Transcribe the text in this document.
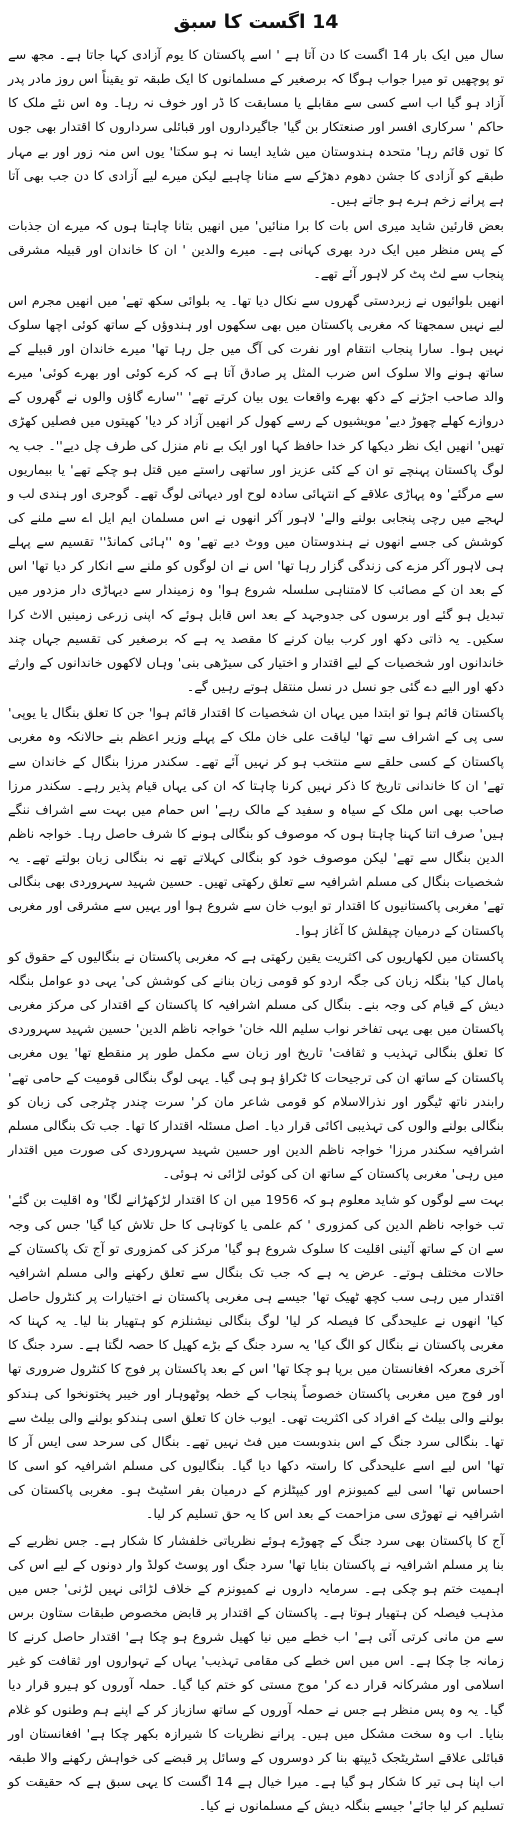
14 اگست کا سبق

سال میں ایک بار 14 اگست کا دن آتا ہے ' اسے پاکستان کا یوم آزادی کہا جاتا ہے۔ مجھ سے تو پوچھیں تو میرا جواب ہوگا کہ برصغیر کے مسلمانوں کا ایک طبقہ تو یقیناً اس روز مادر پدر آزاد ہو گیا اب اسے کسی سے مقابلے یا مسابقت کا ڈر اور خوف نہ رہا۔ وہ اس نئے ملک کا حاکم ' سرکاری افسر اور صنعتکار بن گیا' جاگیرداروں اور قبائلی سرداروں کا اقتدار بھی جوں کا توں قائم رہا' متحدہ ہندوستان میں شاید ایسا نہ ہو سکتا' یوں اس منہ زور اور بے مہار طبقے کو آزادی کا جشن دھوم دھڑکے سے منانا چاہیے لیکن میرے لیے آزادی کا دن جب بھی آتا ہے پرانے زخم ہرے ہو جاتے ہیں۔

بعض قارئین شاید میری اس بات کا برا منائیں' میں انھیں بتانا چاہتا ہوں کہ میرے ان جذبات کے پس منظر میں ایک درد بھری کہانی ہے۔ میرے والدین ' ان کا خاندان اور قبیلہ مشرقی پنجاب سے لٹ پٹ کر لاہور آئے تھے۔

انھیں بلوائیوں نے زبردستی گھروں سے نکال دیا تھا۔ یہ بلوائی سکھ تھے' میں انھیں مجرم اس لیے نہیں سمجھتا کہ مغربی پاکستان میں بھی سکھوں اور ہندوؤں کے ساتھ کوئی اچھا سلوک نہیں ہوا۔ سارا پنجاب انتقام اور نفرت کی آگ میں جل رہا تھا' میرے خاندان اور قبیلے کے ساتھ ہونے والا سلوک اس ضرب المثل پر صادق آتا ہے کہ کرے کوئی اور بھرے کوئی' میرے والد صاحب اجڑنے کے دکھ بھرے واقعات یوں بیان کرتے تھے' ''سارے گاؤں والوں نے گھروں کے دروازے کھلے چھوڑ دیے' مویشیوں کے رسے کھول کر انھیں آزاد کر دیا' کھیتوں میں فصلیں کھڑی تھیں' انھیں ایک نظر دیکھا کر خدا حافظ کہا اور ایک بے نام منزل کی طرف چل دیے''۔ جب یہ لوگ پاکستان پہنچے تو ان کے کئی عزیز اور ساتھی راستے میں قتل ہو چکے تھے' یا بیماریوں سے مرگئے' وہ پہاڑی علاقے کے انتہائی سادہ لوح اور دیہاتی لوگ تھے۔ گوجری اور ہندی لب و لہجے میں رچی پنجابی بولنے والے' لاہور آکر انھوں نے اس مسلمان ایم ایل اے سے ملنے کی کوشش کی جسے انھوں نے ہندوستان میں ووٹ دیے تھے' وہ ''ہائی کمانڈ'' تقسیم سے پہلے ہی لاہور آکر مزے کی زندگی گزار رہا تھا' اس نے ان لوگوں کو ملنے سے انکار کر دیا تھا' اس کے بعد ان کے مصائب کا لامتناہی سلسلہ شروع ہوا' وہ زمیندار سے دیہاڑی دار مزدور میں تبدیل ہو گئے اور برسوں کی جدوجہد کے بعد اس قابل ہوئے کہ اپنی زرعی زمینیں الاٹ کرا سکیں۔ یہ ذاتی دکھ اور کرب بیان کرنے کا مقصد یہ ہے کہ برصغیر کی تقسیم جہاں چند خاندانوں اور شخصیات کے لیے اقتدار و اختیار کی سیڑھی بنی' وہاں لاکھوں خاندانوں کے وارثے دکھ اور الیے دے گئی جو نسل در نسل منتقل ہوتے رہیں گے۔

پاکستان قائم ہوا تو ابتدا میں یہاں ان شخصیات کا اقتدار قائم ہوا' جن کا تعلق بنگال یا یوپی' سی پی کے اشراف سے تھا' لیاقت علی خان ملک کے پہلے وزیر اعظم بنے حالانکہ وہ مغربی پاکستان کے کسی حلقے سے منتخب ہو کر نہیں آئے تھے۔ سکندر مرزا بنگال کے خاندان سے تھے' ان کا خاندانی تاریخ کا ذکر نہیں کرنا چاہتا کہ ان کی یہاں قیام پذیر رہے۔ سکندر مرزا صاحب بھی اس ملک کے سیاہ و سفید کے مالک رہے' اس حمام میں بہت سے اشراف ننگے ہیں' صرف اتنا کہنا چاہتا ہوں کہ موصوف کو بنگالی ہونے کا شرف حاصل رہا۔ خواجہ ناظم الدین بنگال سے تھے' لیکن موصوف خود کو بنگالی کہلاتے تھے نہ بنگالی زبان بولتے تھے۔ یہ شخصیات بنگال کی مسلم اشرافیہ سے تعلق رکھتی تھیں۔ حسین شہید سہروردی بھی بنگالی تھے' مغربی پاکستانیوں کا اقتدار تو ایوب خان سے شروع ہوا اور یہیں سے مشرقی اور مغربی پاکستان کے درمیان چپقلش کا آغاز ہوا۔

پاکستان میں لکھاریوں کی اکثریت یقین رکھتی ہے کہ مغربی پاکستان نے بنگالیوں کے حقوق کو پامال کیا' بنگلہ زبان کی جگہ اردو کو قومی زبان بنانے کی کوشش کی' یہی دو عوامل بنگلہ دیش کے قیام کی وجہ بنے۔ بنگال کی مسلم اشرافیہ کا پاکستان کے اقتدار کی مرکز مغربی پاکستان میں بھی یہی تفاخر نواب سلیم اللہ خان' خواجہ ناظم الدین' حسین شہید سہروردی کا تعلق بنگالی تہذیب و ثقافت' تاریخ اور زبان سے مکمل طور پر منقطع تھا' یوں مغربی پاکستان کے ساتھ ان کی ترجیحات کا ٹکراؤ ہو ہی گیا۔ یہی لوگ بنگالی قومیت کے حامی تھے' رابندر ناتھ ٹیگور اور نذرالاسلام کو قومی شاعر مان کر' سرت چندر چٹرجی کی زبان کو بنگالی بولنے والوں کی تہذیبی اکائی قرار دیا۔ اصل مسئلہ اقتدار کا تھا۔ جب تک بنگالی مسلم اشرافیہ سکندر مرزا' خواجہ ناظم الدین اور حسین شہید سہروردی کی صورت میں اقتدار میں رہی' مغربی پاکستان کے ساتھ ان کی کوئی لڑائی نہ ہوئی۔

بہت سے لوگوں کو شاید معلوم ہو کہ 1956 میں ان کا اقتدار لڑکھڑانے لگا' وہ اقلیت بن گئے' تب خواجہ ناظم الدین کی کمزوری ' کم علمی یا کوتاہی کا حل تلاش کیا گیا' جس کی وجہ سے ان کے ساتھ آئینی اقلیت کا سلوک شروع ہو گیا' مرکز کی کمزوری تو آج تک پاکستان کے حالات مختلف ہوتے۔ عرض یہ ہے کہ جب تک بنگال سے تعلق رکھنے والی مسلم اشرافیہ اقتدار میں رہی سب کچھ ٹھیک تھا' جیسے ہی مغربی پاکستان نے اختیارات پر کنٹرول حاصل کیا' انھوں نے علیحدگی کا فیصلہ کر لیا' لوگ بنگالی نیشنلزم کو ہتھیار بنا لیا۔ یہ کہنا کہ مغربی پاکستان نے بنگال کو الگ کیا' یہ سرد جنگ کے بڑے کھیل کا حصہ لگتا ہے۔ سرد جنگ کا آخری معرکہ افغانستان میں برپا ہو چکا تھا' اس کے بعد پاکستان پر فوج کا کنٹرول ضروری تھا اور فوج میں مغربی پاکستان خصوصاً پنجاب کے خطہ پوٹھوہار اور خیبر پختونخوا کی ہندکو بولنے والی بیلٹ کے افراد کی اکثریت تھی۔ ایوب خان کا تعلق اسی ہندکو بولنے والی بیلٹ سے تھا۔ بنگالی سرد جنگ کے اس بندوبست میں فٹ نہیں تھے۔ بنگال کی سرحد سی ایس آر کا تھا' اس لیے اسے علیحدگی کا راستہ دکھا دیا گیا۔ بنگالیوں کی مسلم اشرافیہ کو اسی کا احساس تھا' اسی لیے کمیونزم اور کیپٹلزم کے درمیان بفر اسٹیٹ ہو۔ مغربی پاکستان کی اشرافیہ نے تھوڑی سی مزاحمت کے بعد اس کا یہ حق تسلیم کر لیا۔

آج کا پاکستان بھی سرد جنگ کے چھوڑے ہوئے نظریاتی خلفشار کا شکار ہے۔ جس نظریے کے بنا پر مسلم اشرافیہ نے پاکستان بنایا تھا' سرد جنگ اور پوسٹ کولڈ وار دونوں کے لیے اس کی اہمیت ختم ہو چکی ہے۔ سرمایہ داروں نے کمیونزم کے خلاف لڑائی نہیں لڑنی' جس میں مذہب فیصلہ کن ہتھیار ہوتا ہے۔ پاکستان کے اقتدار پر قابض مخصوص طبقات ستاون برس سے من مانی کرتی آئی ہے' اب خطے میں نیا کھیل شروع ہو چکا ہے' اقتدار حاصل کرنے کا زمانہ جا چکا ہے۔ اس میں اس خطے کی مقامی تہذیب' یہاں کے تہواروں اور ثقافت کو غیر اسلامی اور مشرکانہ قرار دے کر' موج مستی کو ختم کیا گیا۔ حملہ آوروں کو ہیرو قرار دیا گیا۔ یہ وہ پس منظر ہے جس نے حملہ آوروں کے ساتھ سازباز کر کے اپنے ہم وطنوں کو غلام بنایا۔ اب وہ سخت مشکل میں ہیں۔ پرانے نظریات کا شیرازہ بکھر چکا ہے' افغانستان اور قبائلی علاقے اسٹریٹجک ڈیپتھ بنا کر دوسروں کے وسائل پر قبضے کی خواہش رکھنے والا طبقہ اب اپنا ہی تیر کا شکار ہو گیا ہے۔ میرا خیال ہے 14 اگست کا یہی سبق ہے کہ حقیقت کو تسلیم کر لیا جائے' جیسے بنگلہ دیش کے مسلمانوں نے کیا۔
